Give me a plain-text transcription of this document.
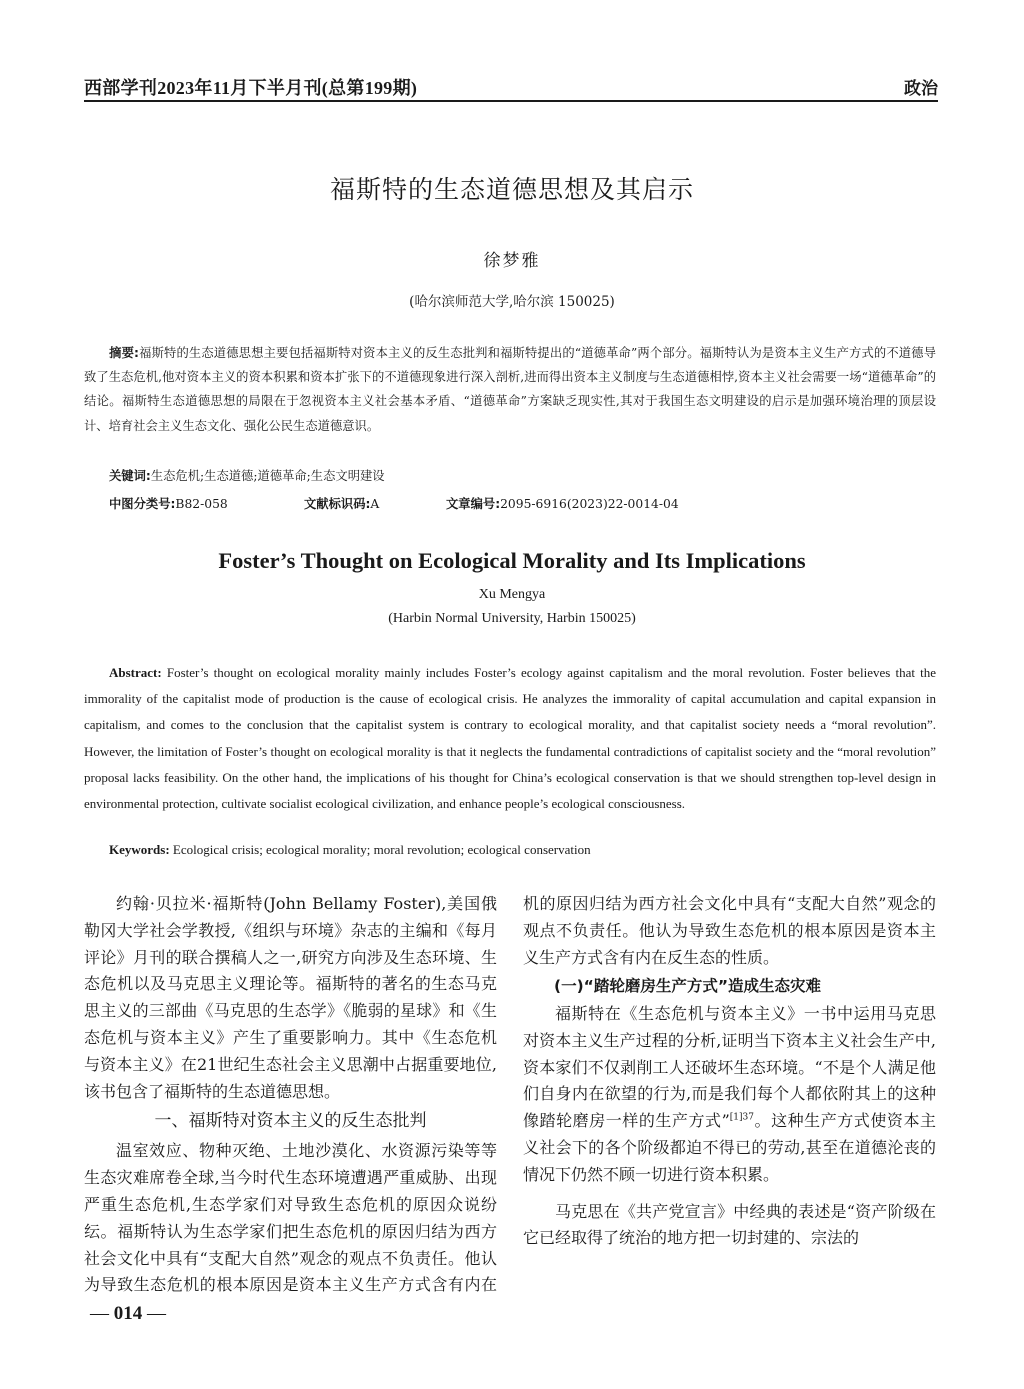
西部学刊2023年11月下半月刊(总第199期)	政治
福斯特的生态道德思想及其启示
徐梦雅
(哈尔滨师范大学,哈尔滨 150025)
摘要:福斯特的生态道德思想主要包括福斯特对资本主义的反生态批判和福斯特提出的“道德革命”两个部分。福斯特认为是资本主义生产方式的不道德导致了生态危机,他对资本主义的资本积累和资本扩张下的不道德现象进行深入剖析,进而得出资本主义制度与生态道德相悖,资本主义社会需要一场“道德革命”的结论。福斯特生态道德思想的局限在于忽视资本主义社会基本矛盾、“道德革命”方案缺乏现实性,其对于我国生态文明建设的启示是加强环境治理的顶层设计、培育社会主义生态文化、强化公民生态道德意识。
关键词:生态危机;生态道德;道德革命;生态文明建设
中图分类号:B82-058	文献标识码:A	文章编号:2095-6916(2023)22-0014-04
Foster’s Thought on Ecological Morality and Its Implications
Xu Mengya
(Harbin Normal University, Harbin 150025)
Abstract: Foster’s thought on ecological morality mainly includes Foster’s ecology against capitalism and the moral revolution. Foster believes that the immorality of the capitalist mode of production is the cause of ecological crisis. He analyzes the immorality of capital accumulation and capital expansion in capitalism, and comes to the conclusion that the capitalist system is contrary to ecological morality, and that capitalist society needs a “moral revolution”. However, the limitation of Foster’s thought on ecological morality is that it neglects the fundamental contradictions of capitalist society and the “moral revolution” proposal lacks feasibility. On the other hand, the implications of his thought for China’s ecological conservation is that we should strengthen top-level design in environmental protection, cultivate socialist ecological civilization, and enhance people’s ecological consciousness.
Keywords: Ecological crisis; ecological morality; moral revolution; ecological conservation

约翰·贝拉米·福斯特(John Bellamy Foster),美国俄勒冈大学社会学教授,《组织与环境》杂志的主编和《每月评论》月刊的联合撰稿人之一,研究方向涉及生态环境、生态危机以及马克思主义理论等。福斯特的著名的生态马克思主义的三部曲《马克思的生态学》《脆弱的星球》和《生态危机与资本主义》产生了重要影响力。其中《生态危机与资本主义》在21世纪生态社会主义思潮中占据重要地位,该书包含了福斯特的生态道德思想。

一、福斯特对资本主义的反生态批判

温室效应、物种灭绝、土地沙漠化、水资源污染等等生态灾难席卷全球,当今时代生态环境遭遇严重威胁、出现严重生态危机,生态学家们对导致生态危机的原因众说纷纭。福斯特认为生态学家们把生态危机的原因归结为西方社会文化中具有“支配大自然”观念的观点不负责任。他认为导致生态危机的根本原因是资本主义生产方式含有内在

机的原因归结为西方社会文化中具有“支配大自然”观念的观点不负责任。他认为导致生态危机的根本原因是资本主义生产方式含有内在反生态的性质。

(一)“踏轮磨房生产方式”造成生态灾难

福斯特在《生态危机与资本主义》一书中运用马克思对资本主义生产过程的分析,证明当下资本主义社会生产中,资本家们不仅剥削工人还破坏生态环境。“不是个人满足他们自身内在欲望的行为,而是我们每个人都依附其上的这种像踏轮磨房一样的生产方式”$^{[1]37}$。这种生产方式使资本主义社会下的各个阶级都迫不得已的劳动,甚至在道德沦丧的情况下仍然不顾一切进行资本积累。

马克思在《共产党宣言》中经典的表述是“资产阶级在它已经取得了统治的地方把一切封建的、宗法的

— 014 —
